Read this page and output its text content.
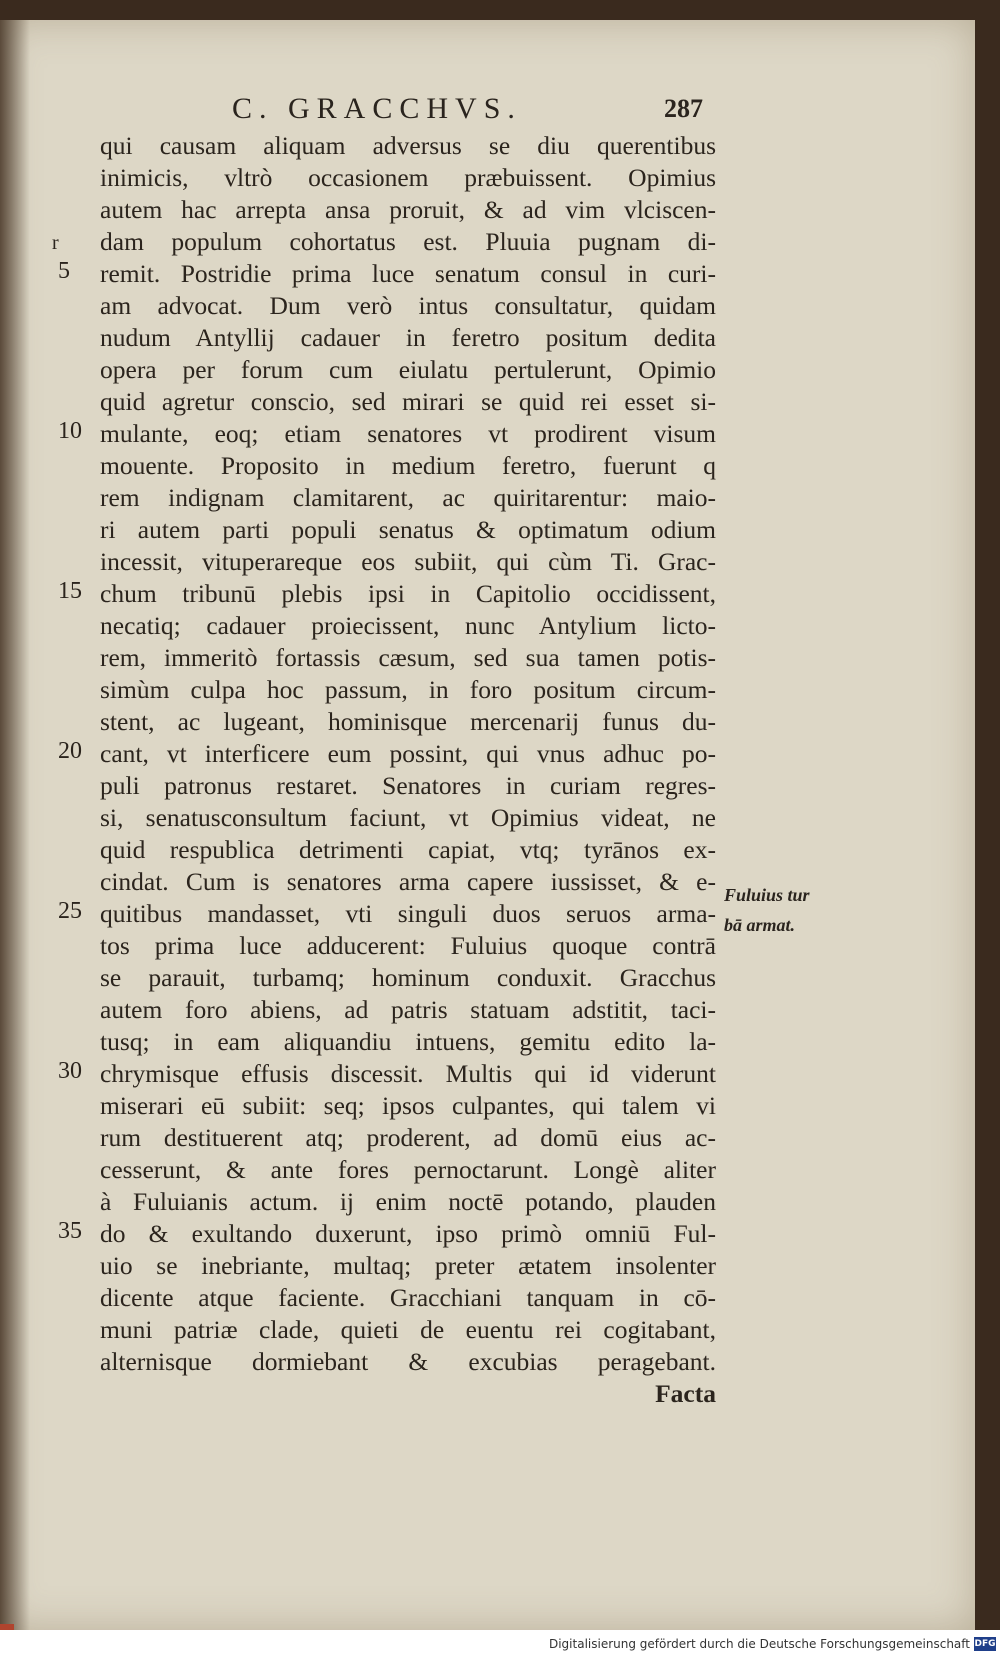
C. GRACCHVS.	287
r
5
10
15
20
25
30
35
qui causam aliquam adversus se diu querentibus
inimicis, vltrò occasionem præbuissent. Opimius
autem hac arrepta ansa proruit, & ad vim vlciscen-
dam populum cohortatus est. Pluuia pugnam di-
remit. Postridie prima luce senatum consul in curi-
am advocat. Dum verò intus consultatur, quidam
nudum Antyllij cadauer in feretro positum dedita
opera per forum cum eiulatu pertulerunt, Opimio
quid agretur conscio, sed mirari se quid rei esset si-
mulante, eoq; etiam senatores vt prodirent visum
mouente. Proposito in medium feretro, fuerunt q
rem indignam clamitarent, ac quiritarentur: maio-
ri autem parti populi senatus & optimatum odium
incessit, vituperareque eos subiit, qui cùm Ti. Grac-
chum tribunū plebis ipsi in Capitolio occidissent,
necatiq; cadauer proiecissent, nunc Antylium licto-
rem, immeritò fortassis cæsum, sed sua tamen potis-
simùm culpa hoc passum, in foro positum circum-
stent, ac lugeant, hominisque mercenarij funus du-
cant, vt interficere eum possint, qui vnus adhuc po-
puli patronus restaret. Senatores in curiam regres-
si, senatusconsultum faciunt, vt Opimius videat, ne
quid respublica detrimenti capiat, vtq; tyrānos ex-
cindat. Cum is senatores arma capere iussisset, & e-
quitibus mandasset, vti singuli duos seruos arma-
tos prima luce adducerent: Fuluius quoque contrā
se parauit, turbamq; hominum conduxit. Gracchus
autem foro abiens, ad patris statuam adstitit, taci-
tusq; in eam aliquandiu intuens, gemitu edito la-
chrymisque effusis discessit. Multis qui id viderunt
miserari eū subiit: seq; ipsos culpantes, qui talem vi
rum destituerent atq; proderent, ad domū eius ac-
cesserunt, & ante fores pernoctarunt. Longè aliter
à Fuluianis actum. ij enim noctē potando, plauden
do & exultando duxerunt, ipso primò omniū Ful-
uio se inebriante, multaq; preter ætatem insolenter
dicente atque faciente. Gracchiani tanquam in cō-
muni patriæ clade, quieti de euentu rei cogitabant,
alternisque dormiebant & excubias peragebant.
Facta
Fuluius tur
bā armat.
Digitalisierung gefördert durch die Deutsche Forschungsgemeinschaft DFG
